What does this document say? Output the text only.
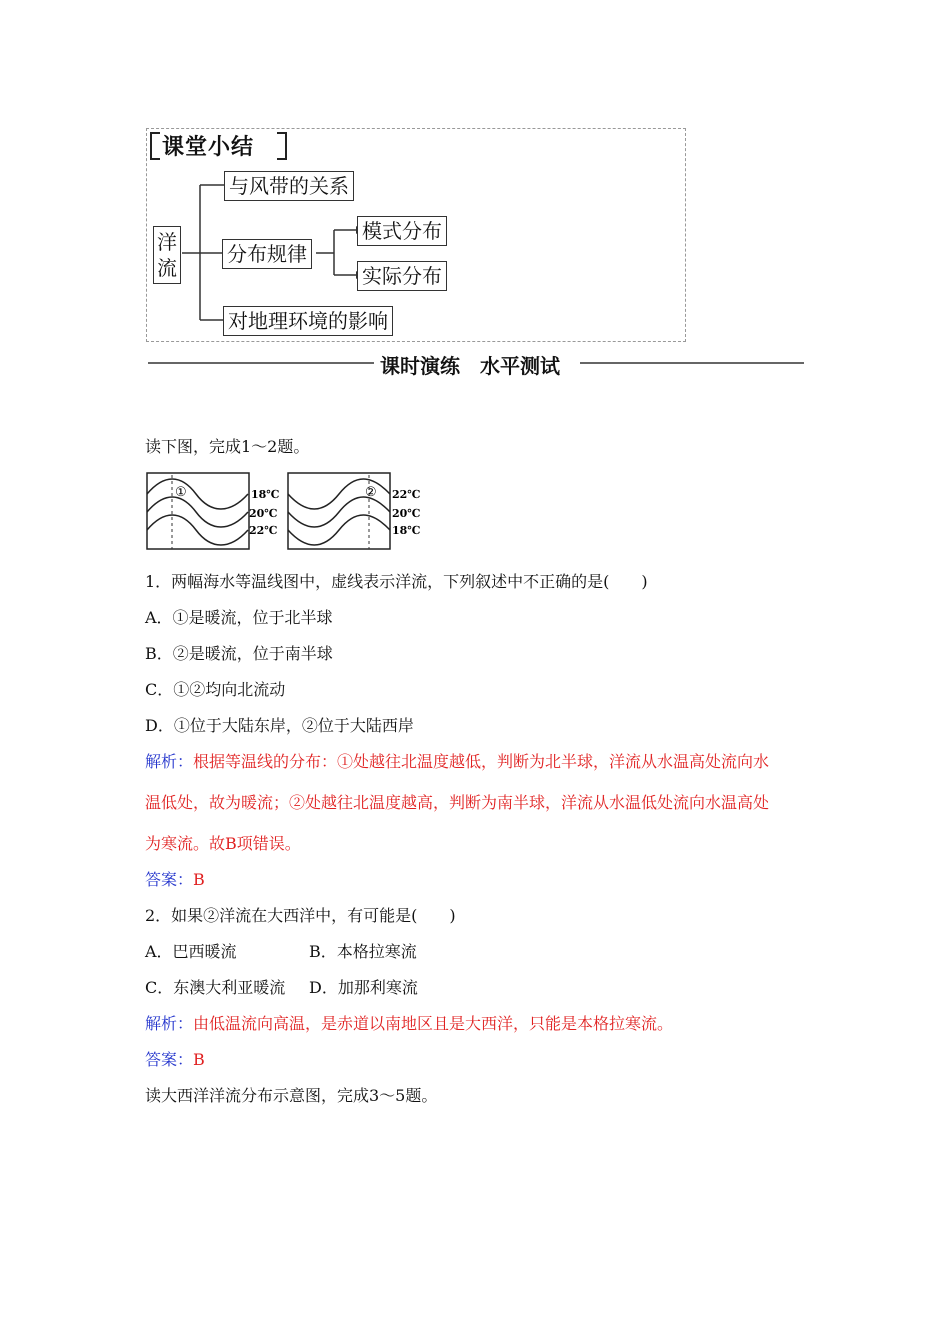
课堂小结
洋
流
与风带的关系
分布规律
模式分布
实际分布
对地理环境的影响
课时演练　水平测试
读下图，完成1～2题。
①	18℃
20℃
22℃
② 22℃
20℃
18℃
1．两幅海水等温线图中，虚线表示洋流，下列叙述中不正确的是(　　)
A．①是暖流，位于北半球
B．②是暖流，位于南半球
C．①②均向北流动
D．①位于大陆东岸，②位于大陆西岸
解析：根据等温线的分布：①处越往北温度越低，判断为北半球，洋流从水温高处流向水
温低处，故为暖流；②处越往北温度越高，判断为南半球，洋流从水温低处流向水温高处
为寒流。故B项错误。
答案：B
2．如果②洋流在大西洋中，有可能是(　　)
A．巴西暖流	B．本格拉寒流
C．东澳大利亚暖流 D．加那利寒流
解析：由低温流向高温，是赤道以南地区且是大西洋，只能是本格拉寒流。
答案：B
读大西洋洋流分布示意图，完成3～5题。
